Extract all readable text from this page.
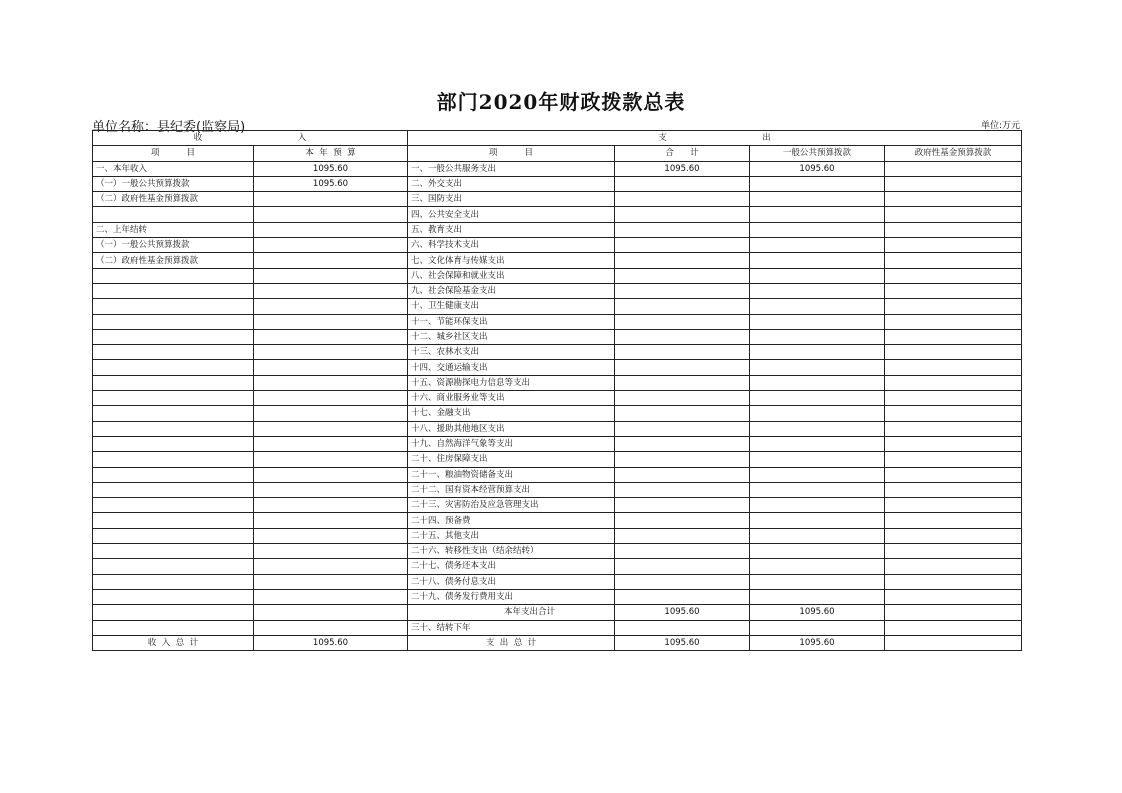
部门2020年财政拨款总表
单位名称：县纪委(监察局)	单位:万元
收 入		支 出			
项          目	本  年  预  算	项          目	合      计	一般公共预算拨款	政府性基金预算拨款
一、本年收入	1095.60	一、一般公共服务支出	1095.60	1095.60	
（一）一般公共预算拨款	1095.60	二、外交支出			
（二）政府性基金预算拨款		三、国防支出			
		四、公共安全支出			
二、上年结转		五、教育支出			
（一）一般公共预算拨款		六、科学技术支出			
（二）政府性基金预算拨款		七、文化体育与传媒支出			
		八、社会保障和就业支出			
		九、社会保险基金支出			
		十、卫生健康支出			
		十一、节能环保支出			
		十二、城乡社区支出			
		十三、农林水支出			
		十四、交通运输支出			
		十五、资源勘探电力信息等支出			
		十六、商业服务业等支出			
		十七、金融支出			
		十八、援助其他地区支出			
		十九、自然海洋气象等支出			
		二十、住房保障支出			
		二十一、粮油物资储备支出			
		二十二、国有资本经营预算支出			
		二十三、灾害防治及应急管理支出			
		二十四、预备费			
		二十五、其他支出			
		二十六、转移性支出（结余结转）			
		二十七、债务还本支出			
		二十八、债务付息支出			
		二十九、债务发行费用支出			
		本年支出合计	1095.60	1095.60	
		三十、结转下年			
收  入  总  计	1095.60	支  出  总  计	1095.60	1095.60	
